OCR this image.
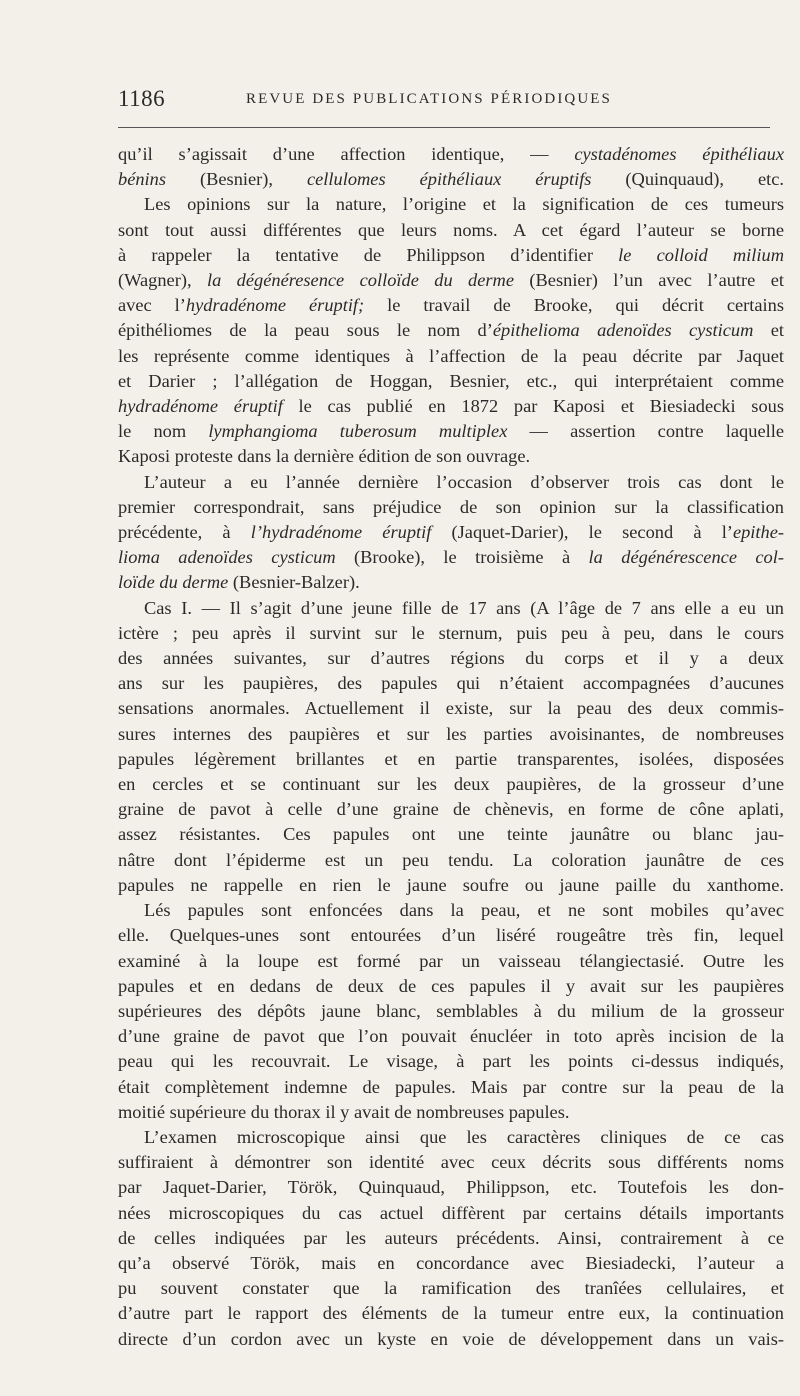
1186	REVUE DES PUBLICATIONS PÉRIODIQUES
qu’il s’agissait d’une affection identique, — cystadénomes épithéliaux
bénins (Besnier), cellulomes épithéliaux éruptifs (Quinquaud), etc.
Les opinions sur la nature, l’origine et la signification de ces tumeurs
sont tout aussi différentes que leurs noms. A cet égard l’auteur se borne
à rappeler la tentative de Philippson d’identifier le colloid milium
(Wagner), la dégénéresence colloïde du derme (Besnier) l’un avec l’autre et
avec l’hydradénome éruptif; le travail de Brooke, qui décrit certains
épithéliomes de la peau sous le nom d’épithelioma adenoïdes cysticum et
les représente comme identiques à l’affection de la peau décrite par Jaquet
et Darier ; l’allégation de Hoggan, Besnier, etc., qui interprétaient comme
hydradénome éruptif le cas publié en 1872 par Kaposi et Biesiadecki sous
le nom lymphangioma tuberosum multiplex — assertion contre laquelle
Kaposi proteste dans la dernière édition de son ouvrage.
L’auteur a eu l’année dernière l’occasion d’observer trois cas dont le
premier correspondrait, sans préjudice de son opinion sur la classification
précédente, à l’hydradénome éruptif (Jaquet-Darier), le second à l’epithe-
lioma adenoïdes cysticum (Brooke), le troisième à la dégénérescence col-
loïde du derme (Besnier-Balzer).
Cas I. — Il s’agit d’une jeune fille de 17 ans (A l’âge de 7 ans elle a eu un
ictère ; peu après il survint sur le sternum, puis peu à peu, dans le cours
des années suivantes, sur d’autres régions du corps et il y a deux
ans sur les paupières, des papules qui n’étaient accompagnées d’aucunes
sensations anormales. Actuellement il existe, sur la peau des deux commis-
sures internes des paupières et sur les parties avoisinantes, de nombreuses
papules légèrement brillantes et en partie transparentes, isolées, disposées
en cercles et se continuant sur les deux paupières, de la grosseur d’une
graine de pavot à celle d’une graine de chènevis, en forme de cône aplati,
assez résistantes. Ces papules ont une teinte jaunâtre ou blanc jau-
nâtre dont l’épiderme est un peu tendu. La coloration jaunâtre de ces
papules ne rappelle en rien le jaune soufre ou jaune paille du xanthome.
Lés papules sont enfoncées dans la peau, et ne sont mobiles qu’avec
elle. Quelques-unes sont entourées d’un liséré rougeâtre très fin, lequel
examiné à la loupe est formé par un vaisseau télangiectasié. Outre les
papules et en dedans de deux de ces papules il y avait sur les paupières
supérieures des dépôts jaune blanc, semblables à du milium de la grosseur
d’une graine de pavot que l’on pouvait énucléer in toto après incision de la
peau qui les recouvrait. Le visage, à part les points ci-dessus indiqués,
était complètement indemne de papules. Mais par contre sur la peau de la
moitié supérieure du thorax il y avait de nombreuses papules.
L’examen microscopique ainsi que les caractères cliniques de ce cas
suffiraient à démontrer son identité avec ceux décrits sous différents noms
par Jaquet-Darier, Török, Quinquaud, Philippson, etc. Toutefois les don-
nées microscopiques du cas actuel diffèrent par certains détails importants
de celles indiquées par les auteurs précédents. Ainsi, contrairement à ce
qu’a observé Török, mais en concordance avec Biesiadecki, l’auteur a
pu souvent constater que la ramification des tranîées cellulaires, et
d’autre part le rapport des éléments de la tumeur entre eux, la continuation
directe d’un cordon avec un kyste en voie de développement dans un vais-
